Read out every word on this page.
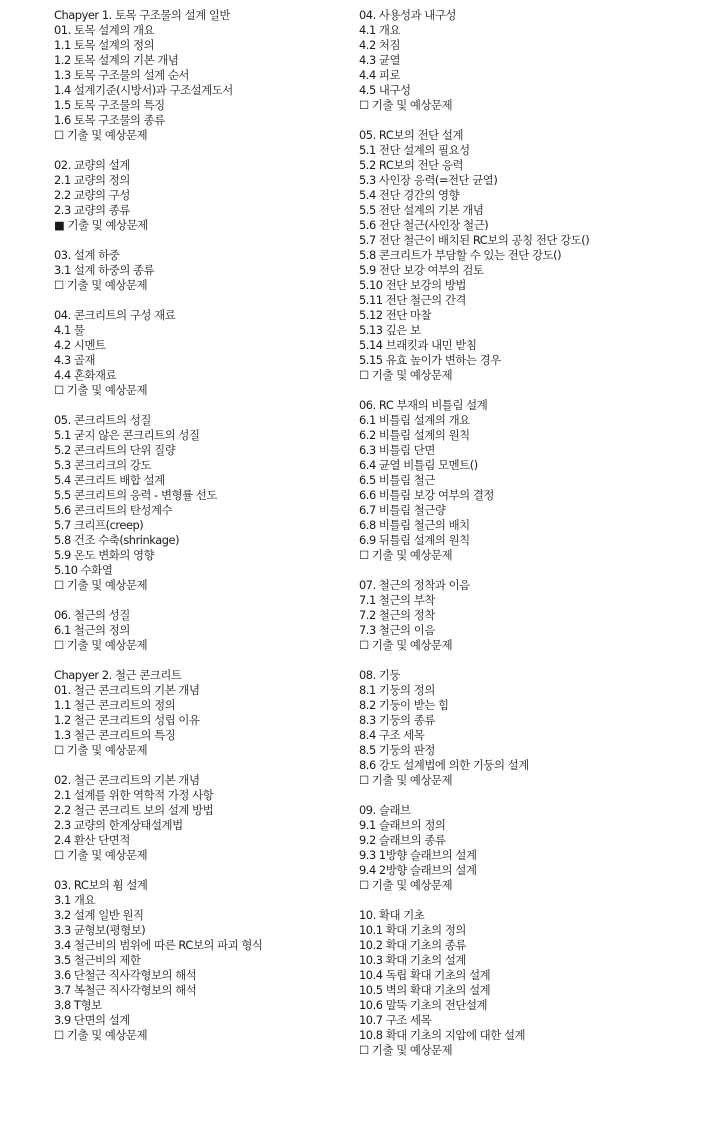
Chapyer 1. 토목 구조물의 설계 일반
01. 토목 설계의 개요
1.1 토목 설계의 정의
1.2 토목 설계의 기본 개념
1.3 토목 구조물의 설계 순서
1.4 설계기준(시방서)과 구조설계도서
1.5 토목 구조물의 특징
1.6 토목 구조물의 종류
☐ 기출 및 예상문제
02. 교량의 설계
2.1 교량의 정의
2.2 교량의 구성
2.3 교량의 종류
■ 기출 및 예상문제
03. 설계 하중
3.1 설계 하중의 종류
☐ 기출 및 예상문제
04. 콘크리트의 구성 재료
4.1 물
4.2 시멘트
4.3 골재
4.4 혼화재료
☐ 기출 및 예상문제
05. 콘크리트의 성질
5.1 굳지 않은 콘크리트의 성질
5.2 콘크리트의 단위 질량
5.3 콘크리크의 강도
5.4 콘크리트 배합 설계
5.5 콘크리트의 응력 - 변형률 선도
5.6 콘크리트의 탄성계수
5.7 크리프(creep)
5.8 건조 수축(shrinkage)
5.9 온도 변화의 영향
5.10 수화열
☐ 기출 및 예상문제
06. 철근의 성질
6.1 철근의 정의
☐ 기출 및 예상문제
Chapyer 2. 철근 콘크리트
01. 철근 콘크리트의 기본 개념
1.1 철근 콘크리트의 정의
1.2 철근 콘크리트의 성립 이유
1.3 철근 콘크리트의 특징
☐ 기출 및 예상문제
02. 철근 콘크리트의 기본 개념
2.1 설계를 위한 역학적 가정 사항
2.2 철근 콘크리트 보의 설계 방법
2.3 교량의 한계상태설계법
2.4 환산 단면적
☐ 기출 및 예상문제
03. RC보의 휨 설계
3.1 개요
3.2 설계 일반 원직
3.3 균형보(평형보)
3.4 철근비의 범위에 따른 RC보의 파괴 형식
3.5 철근비의 제한
3.6 단철근 직사각형보의 해석
3.7 복철근 직사각형보의 해석
3.8 T형보
3.9 단면의 설계
☐ 기출 및 예상문제
04. 사용성과 내구성
4.1 개요
4.2 처짐
4.3 균열
4.4 피로
4.5 내구성
☐ 기출 및 예상문제
05. RC보의 전단 설계
5.1 전단 설계의 필요성
5.2 RC보의 전단 응력
5.3 사인장 응력(=전단 균열)
5.4 전단 경간의 영향
5.5 전단 설계의 기본 개념
5.6 전단 철근(사인장 철근)
5.7 전단 철근이 배치된 RC보의 공칭 전단 강도()
5.8 콘크리트가 부담할 수 있는 전단 강도()
5.9 전단 보강 여부의 검토
5.10 전단 보강의 방법
5.11 전단 철근의 간격
5.12 전단 마찰
5.13 깊은 보
5.14 브래킷과 내민 받침
5.15 유효 높이가 변하는 경우
☐ 기출 및 예상문제
06. RC 부재의 비틀림 설계
6.1 비틀림 설계의 개요
6.2 비틀림 설계의 원칙
6.3 비틀림 단면
6.4 균열 비틀림 모멘트()
6.5 비틀림 철근
6.6 비틀림 보강 여부의 결정
6.7 비틀림 철근량
6.8 비틀림 철근의 배치
6.9 뒤틀림 설계의 원칙
☐ 기출 및 예상문제
07. 철근의 정착과 이음
7.1 철근의 부착
7.2 철근의 정착
7.3 철근의 이음
☐ 기출 및 예상문제
08. 기둥
8.1 기둥의 정의
8.2 기둥이 받는 힘
8.3 기둥의 종류
8.4 구조 세목
8.5 기둥의 판정
8.6 강도 설계법에 의한 기둥의 설계
☐ 기출 및 예상문제
09. 슬래브
9.1 슬래브의 정의
9.2 슬래브의 종류
9.3 1방향 슬래브의 설계
9.4 2방향 슬래브의 설계
☐ 기출 및 예상문제
10. 확대 기초
10.1 확대 기초의 정의
10.2 확대 기초의 종류
10.3 확대 기초의 설계
10.4 독립 확대 기초의 설계
10.5 벽의 확대 기초의 설계
10.6 말뚝 기초의 전단설계
10.7 구조 세목
10.8 확대 기초의 지압에 대한 설계
☐ 기출 및 예상문제
